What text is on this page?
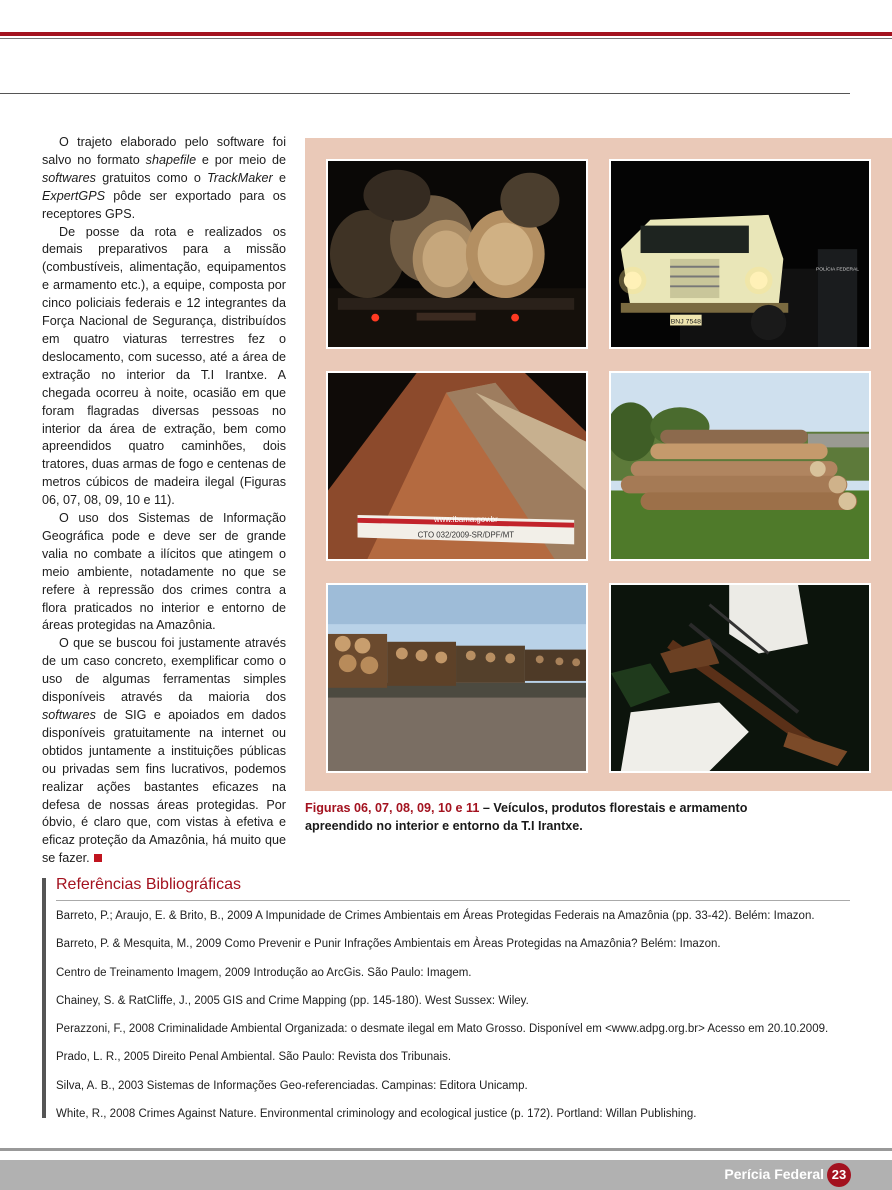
O trajeto elaborado pelo software foi salvo no formato shapefile e por meio de softwares gratuitos como o TrackMaker e ExpertGPS pôde ser exportado para os receptores GPS.

De posse da rota e realizados os demais preparativos para a missão (combustíveis, alimentação, equipamentos e armamento etc.), a equipe, composta por cinco policiais federais e 12 integrantes da Força Nacional de Segurança, distribuídos em quatro viaturas terrestres fez o deslocamento, com sucesso, até a área de extração no interior da T.I Irantxe. A chegada ocorreu à noite, ocasião em que foram flagradas diversas pessoas no interior da área de extração, bem como apreendidos quatro caminhões, dois tratores, duas armas de fogo e centenas de metros cúbicos de madeira ilegal (Figuras 06, 07, 08, 09, 10 e 11).

O uso dos Sistemas de Informação Geográfica pode e deve ser de grande valia no combate a ilícitos que atingem o meio ambiente, notadamente no que se refere à repressão dos crimes contra a flora praticados no interior e entorno de áreas protegidas na Amazônia.

O que se buscou foi justamente através de um caso concreto, exemplificar como o uso de algumas ferramentas simples disponíveis através da maioria dos softwares de SIG e apoiados em dados disponíveis gratuitamente na internet ou obtidos juntamente a instituições públicas ou privadas sem fins lucrativos, podemos realizar ações bastantes eficazes na defesa de nossas áreas protegidas. Por óbvio, é claro que, com vistas à efetiva e eficaz proteção da Amazônia, há muito que se fazer.

BNJ 7548
POLÍCIA FEDERAL
www.ibama.gov.br
CTO 032/2009-SR/DPF/MT
Figuras 06, 07, 08, 09, 10 e 11 – Veículos, produtos florestais e armamento apreendido no interior e entorno da T.I Irantxe.
Referências Bibliográficas
Barreto, P.; Araujo, E. & Brito, B., 2009 A Impunidade de Crimes Ambientais em Áreas Protegidas Federais na Amazônia (pp. 33-42). Belém: Imazon.
Barreto, P. & Mesquita, M., 2009 Como Prevenir e Punir Infrações Ambientais em Àreas Protegidas na Amazônia? Belém: Imazon.
Centro de Treinamento Imagem, 2009 Introdução ao ArcGis. São Paulo: Imagem.
Chainey, S. & RatCliffe, J., 2005 GIS and Crime Mapping (pp. 145-180). West Sussex: Wiley.
Perazzoni, F., 2008 Criminalidade Ambiental Organizada: o desmate ilegal em Mato Grosso. Disponível em <www.adpg.org.br> Acesso em 20.10.2009.
Prado, L. R., 2005 Direito Penal Ambiental. São Paulo: Revista dos Tribunais.
Silva, A. B., 2003 Sistemas de Informações Geo-referenciadas. Campinas: Editora Unicamp.
White, R., 2008 Crimes Against Nature. Environmental criminology and ecological justice (p. 172). Portland: Willan Publishing.
Perícia Federal 23
